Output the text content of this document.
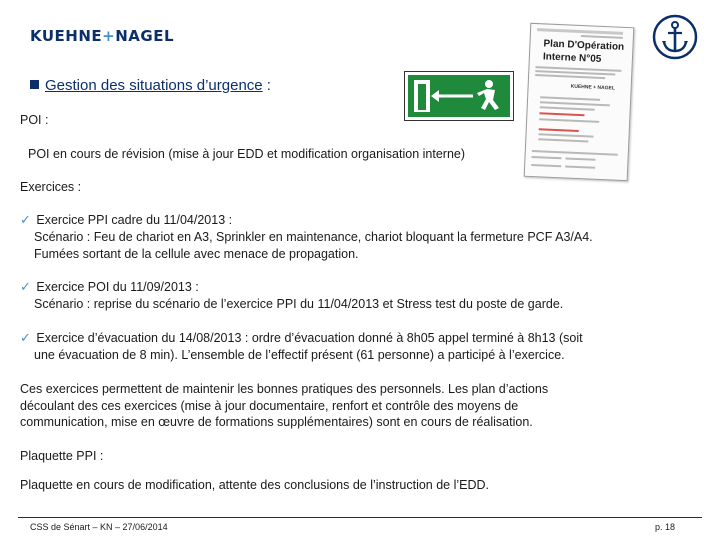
KUEHNE+NAGEL
Plan D'Opération
Interne N°05
KUEHNE + NAGEL
Gestion des situations d’urgence :
POI :
POI en cours de révision (mise à jour EDD et modification organisation interne)
Exercices :
✓ Exercice PPI cadre du 11/04/2013 :
Scénario : Feu de chariot en A3, Sprinkler en maintenance, chariot bloquant la fermeture PCF A3/A4.
Fumées sortant de la cellule avec menace de propagation.
✓ Exercice POI du 11/09/2013 :
Scénario : reprise du scénario de l’exercice PPI du 11/04/2013 et Stress test du poste de garde.
✓ Exercice d’évacuation du 14/08/2013 : ordre d’évacuation donné à 8h05 appel terminé à 8h13 (soit
une évacuation de 8 min). L’ensemble de l’effectif présent (61 personne) a participé à l’exercice.
Ces exercices permettent de maintenir les bonnes pratiques des personnels. Les plan d’actions
découlant des ces exercices (mise à jour documentaire, renfort et contrôle des moyens de
communication, mise en œuvre de formations supplémentaires) sont en cours de réalisation.
Plaquette PPI :
Plaquette en cours de modification, attente des conclusions de l’instruction de l’EDD.
CSS de Sénart – KN – 27/06/2014	p. 18
